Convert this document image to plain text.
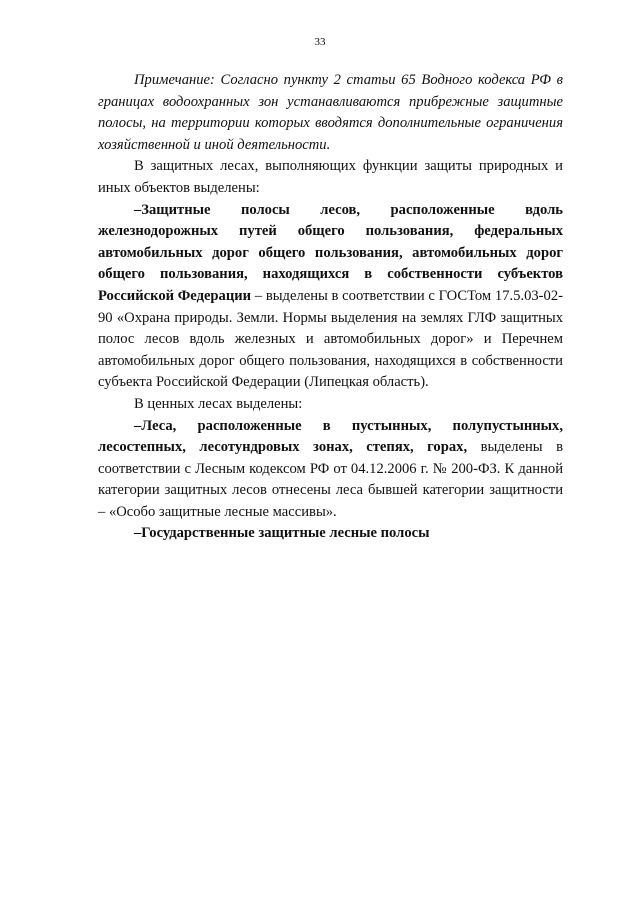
33

Примечание: Согласно пункту 2 статьи 65 Водного кодекса РФ в границах водоохранных зон устанавливаются прибрежные защитные полосы, на территории которых вводятся дополнительные ограничения хозяйственной и иной деятельности.

В защитных лесах, выполняющих функции защиты природных и иных объектов выделены:

–Защитные полосы лесов, расположенные вдоль железнодорожных путей общего пользования, федеральных автомобильных дорог общего пользования, автомобильных дорог общего пользования, находящихся в собственности субъектов Российской Федерации – выделены в соответствии с ГОСТом 17.5.03-02-90 «Охрана природы. Земли. Нормы выделения на землях ГЛФ защитных полос лесов вдоль железных и автомобильных дорог» и Перечнем автомобильных дорог общего пользования, находящихся в собственности субъекта Российской Федерации (Липецкая область).

В ценных лесах выделены:

–Леса, расположенные в пустынных, полупустынных, лесостепных, лесотундровых зонах, степях, горах, выделены в соответствии с Лесным кодексом РФ от 04.12.2006 г. № 200-ФЗ. К данной категории защитных лесов отнесены леса бывшей категории защитности – «Особо защитные лесные массивы».

–Государственные защитные лесные полосы
